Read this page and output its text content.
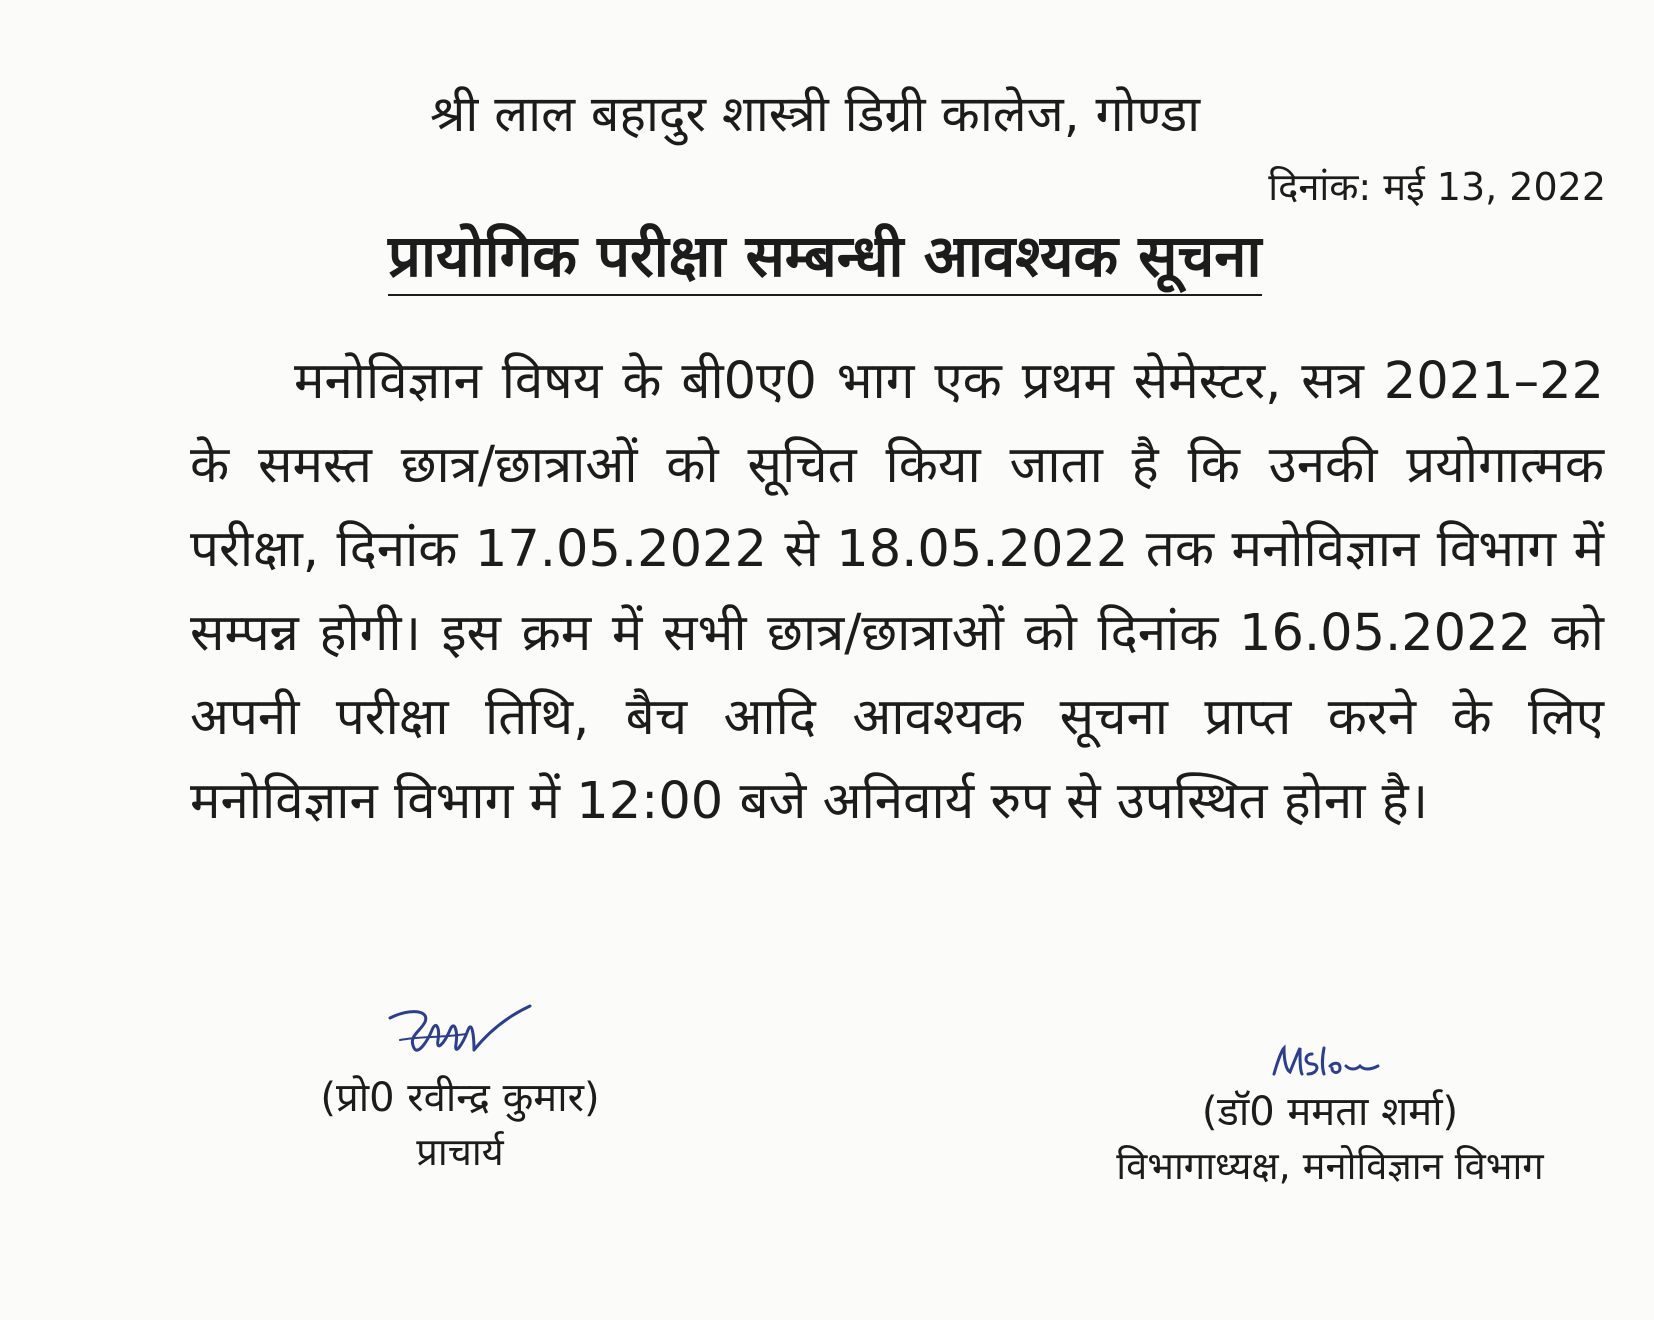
श्री लाल बहादुर शास्त्री डिग्री कालेज, गोण्डा
दिनांक: मई 13, 2022
प्रायोगिक परीक्षा सम्बन्धी आवश्यक सूचना
मनोविज्ञान विषय के बी0ए0 भाग एक प्रथम सेमेस्टर, सत्र 2021–22 के समस्त छात्र/छात्राओं को सूचित किया जाता है कि उनकी प्रयोगात्मक परीक्षा, दिनांक 17.05.2022 से 18.05.2022 तक मनोविज्ञान विभाग में सम्पन्न होगी। इस क्रम में सभी छात्र/छात्राओं को दिनांक 16.05.2022 को अपनी परीक्षा तिथि, बैच आदि आवश्यक सूचना प्राप्त करने के लिए मनोविज्ञान विभाग में 12:00 बजे अनिवार्य रुप से उपस्थित होना है।
(प्रो0 रवीन्द्र कुमार)
प्राचार्य
(डॉ0 ममता शर्मा)
विभागाध्यक्ष, मनोविज्ञान विभाग
